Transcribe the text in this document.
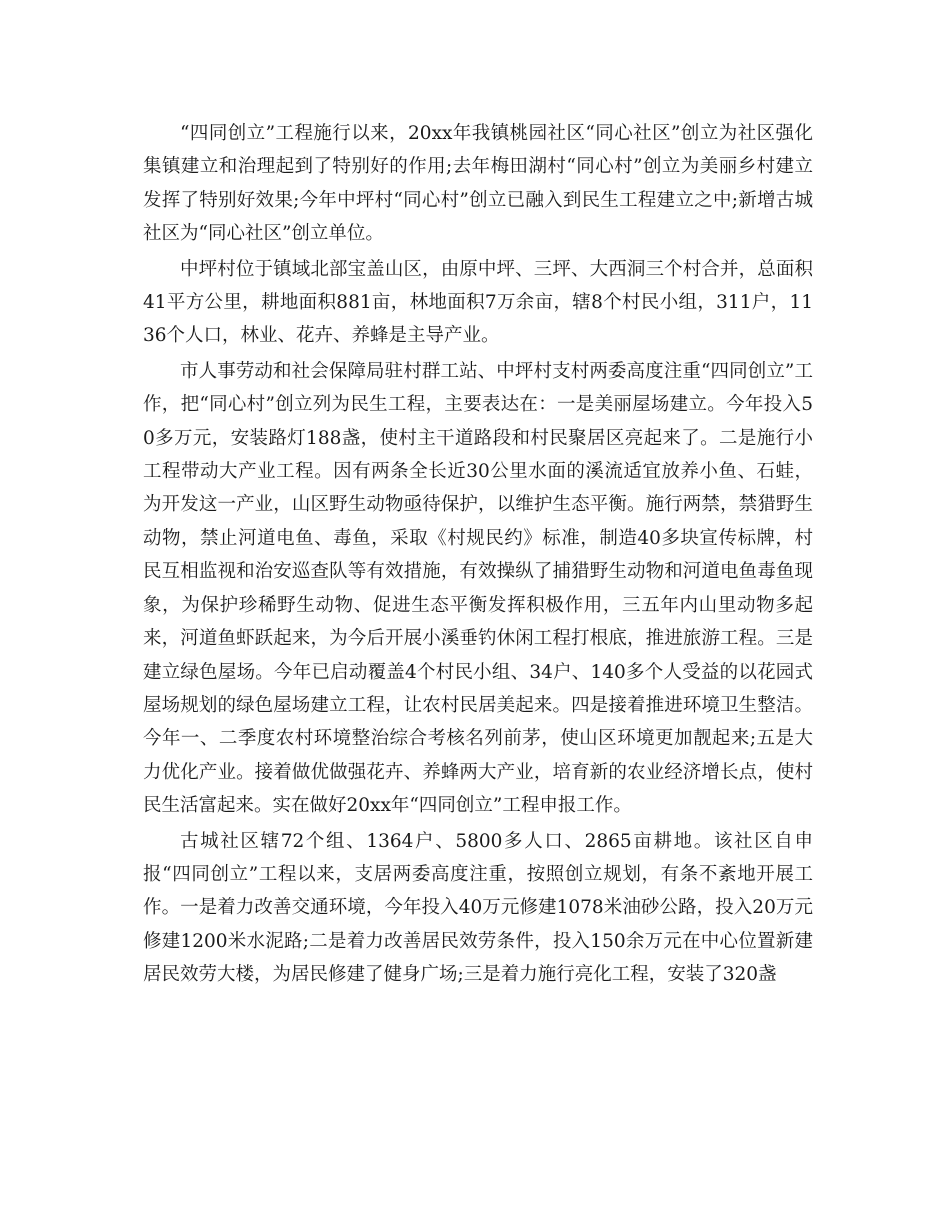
“四同创立”工程施行以来，20xx年我镇桃园社区“同心社区”创立为社区强化集镇建立和治理起到了特别好的作用;去年梅田湖村“同心村”创立为美丽乡村建立发挥了特别好效果;今年中坪村“同心村”创立已融入到民生工程建立之中;新增古城社区为“同心社区”创立单位。

中坪村位于镇域北部宝盖山区，由原中坪、三坪、大西洞三个村合并，总面积41平方公里，耕地面积881亩，林地面积7万余亩，辖8个村民小组，311户，1136个人口，林业、花卉、养蜂是主导产业。

市人事劳动和社会保障局驻村群工站、中坪村支村两委高度注重“四同创立”工作，把“同心村”创立列为民生工程，主要表达在：一是美丽屋场建立。今年投入50多万元，安装路灯188盏，使村主干道路段和村民聚居区亮起来了。二是施行小工程带动大产业工程。因有两条全长近30公里水面的溪流适宜放养小鱼、石蛙，为开发这一产业，山区野生动物亟待保护，以维护生态平衡。施行两禁，禁猎野生动物，禁止河道电鱼、毒鱼，采取《村规民约》标准，制造40多块宣传标牌，村民互相监视和治安巡查队等有效措施，有效操纵了捕猎野生动物和河道电鱼毒鱼现象，为保护珍稀野生动物、促进生态平衡发挥积极作用，三五年内山里动物多起来，河道鱼虾跃起来，为今后开展小溪垂钓休闲工程打根底，推进旅游工程。三是建立绿色屋场。今年已启动覆盖4个村民小组、34户、140多个人受益的以花园式屋场规划的绿色屋场建立工程，让农村民居美起来。四是接着推进环境卫生整洁。今年一、二季度农村环境整治综合考核名列前茅，使山区环境更加靓起来;五是大力优化产业。接着做优做强花卉、养蜂两大产业，培育新的农业经济增长点，使村民生活富起来。实在做好20xx年“四同创立”工程申报工作。

古城社区辖72个组、1364户、5800多人口、2865亩耕地。该社区自申报“四同创立”工程以来，支居两委高度注重，按照创立规划，有条不紊地开展工作。一是着力改善交通环境，今年投入40万元修建1078米油砂公路，投入20万元修建1200米水泥路;二是着力改善居民效劳条件，投入150余万元在中心位置新建居民效劳大楼，为居民修建了健身广场;三是着力施行亮化工程，安装了320盏
